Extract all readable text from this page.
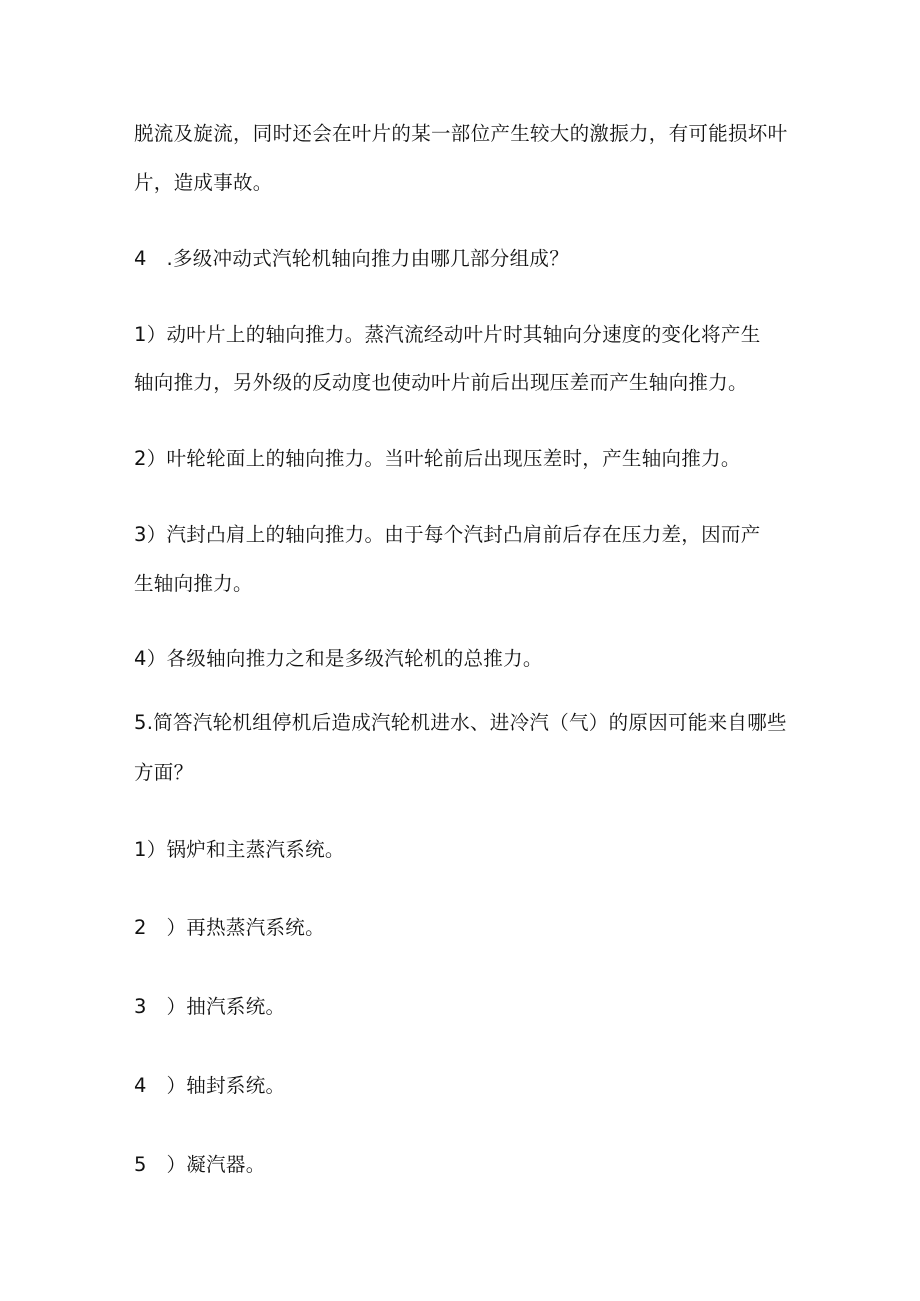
脱流及旋流，同时还会在叶片的某一部位产生较大的激振力，有可能损坏叶
片，造成事故。
4　.多级冲动式汽轮机轴向推力由哪几部分组成？
1）动叶片上的轴向推力。蒸汽流经动叶片时其轴向分速度的变化将产生
轴向推力，另外级的反动度也使动叶片前后出现压差而产生轴向推力。
2）叶轮轮面上的轴向推力。当叶轮前后出现压差时，产生轴向推力。
3）汽封凸肩上的轴向推力。由于每个汽封凸肩前后存在压力差，因而产
生轴向推力。
4）各级轴向推力之和是多级汽轮机的总推力。
5.简答汽轮机组停机后造成汽轮机进水、进冷汽（气）的原因可能来自哪些
方面？
1）锅炉和主蒸汽系统。
2　）再热蒸汽系统。
3　）抽汽系统。
4　）轴封系统。
5　）凝汽器。
